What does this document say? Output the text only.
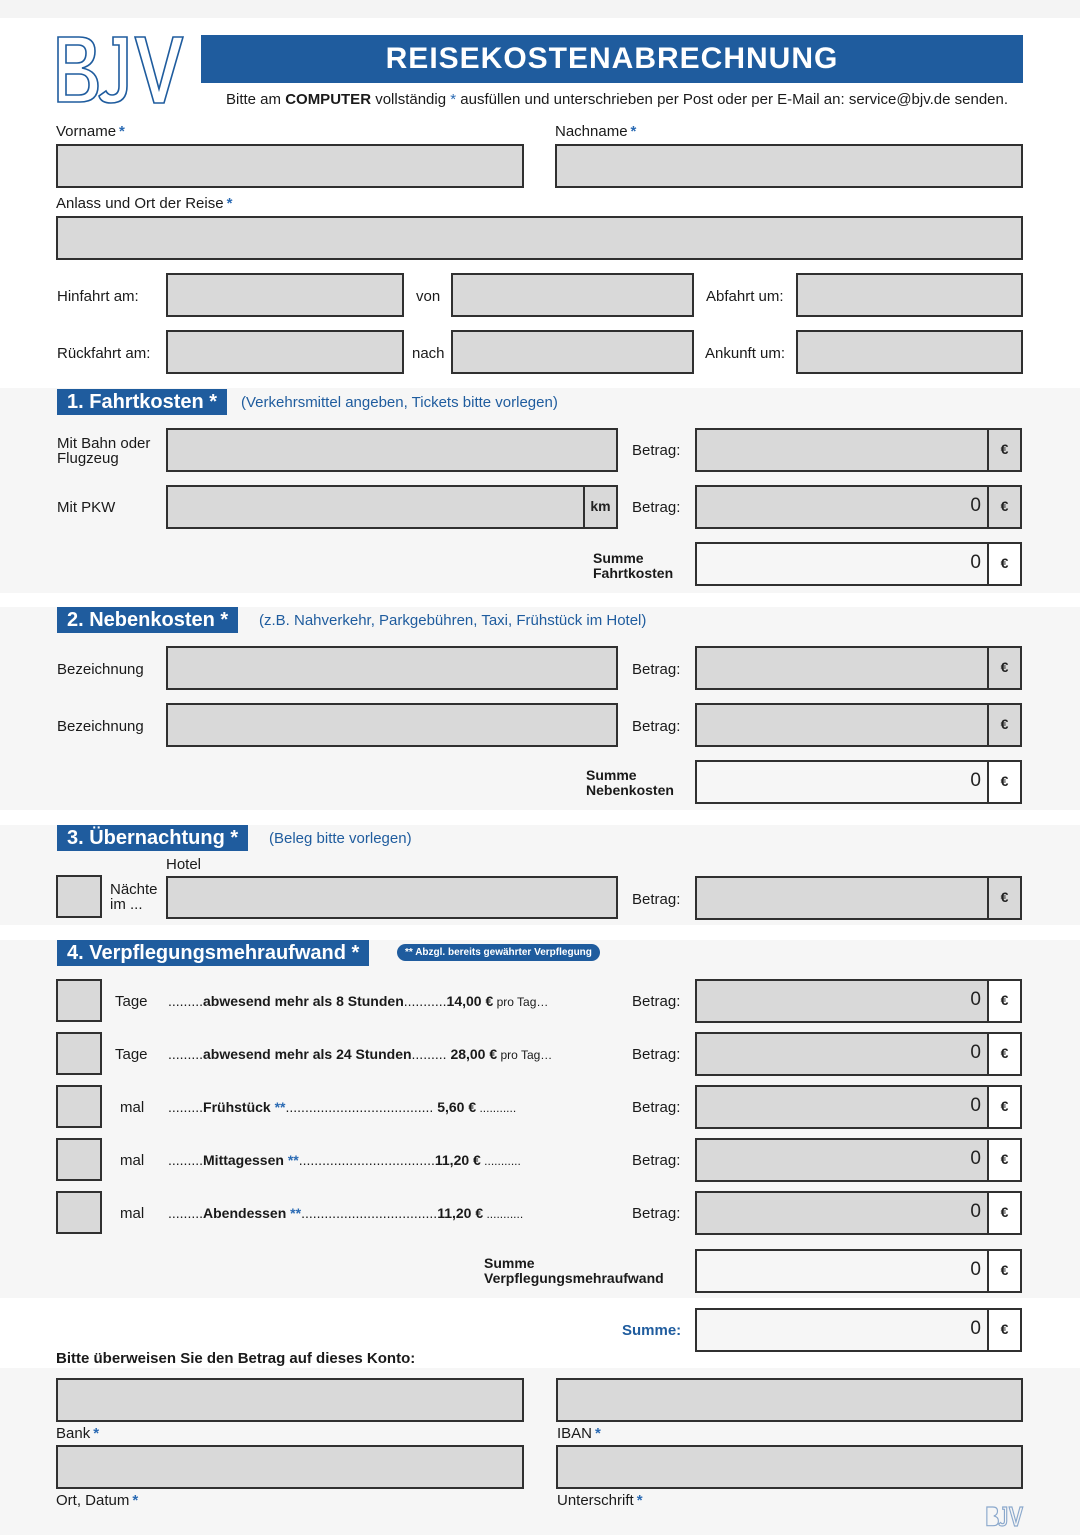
REISEKOSTENABRECHNUNG
Bitte am COMPUTER vollständig * ausfüllen und unterschrieben per Post oder per E-Mail an: service@bjv.de senden.
Vorname *	Nachname *
Anlass und Ort der Reise *
Hinfahrt am:	von	Abfahrt um:
Rückfahrt am:	nach	Ankunft um:
1. Fahrtkosten *	(Verkehrsmittel angeben, Tickets bitte vorlegen)
Mit Bahn oder Flugzeug	Betrag:	€
Mit PKW	km	Betrag:	0	€
Summe
Fahrtkosten	0	€
2. Nebenkosten *	(z.B. Nahverkehr, Parkgebühren, Taxi, Frühstück im Hotel)
Bezeichnung	Betrag:	€
Bezeichnung	Betrag:	€
Summe
Nebenkosten	0	€
3. Übernachtung *	(Beleg bitte vorlegen)
Hotel
Nächte
im ...	Betrag:	€
4. Verpflegungsmehraufwand *	** Abzgl. bereits gewährter Verpflegung
Tage .........abwesend mehr als 8 Stunden...........14,00 € pro Tag…	Betrag:	0	€
Tage .........abwesend mehr als 24 Stunden......... 28,00 € pro Tag…	Betrag:	0	€
mal .........Frühstück **...................................... 5,60 € ...........	Betrag:	0	€
mal .........Mittagessen **...................................11,20 € ...........	Betrag:	0	€
mal .........Abendessen **...................................11,20 € ...........	Betrag:	0	€
Summe
Verpflegungsmehraufwand	0	€
Summe:	0	€
Bitte überweisen Sie den Betrag auf dieses Konto:
Bank *	IBAN *
Ort, Datum *	Unterschrift *
